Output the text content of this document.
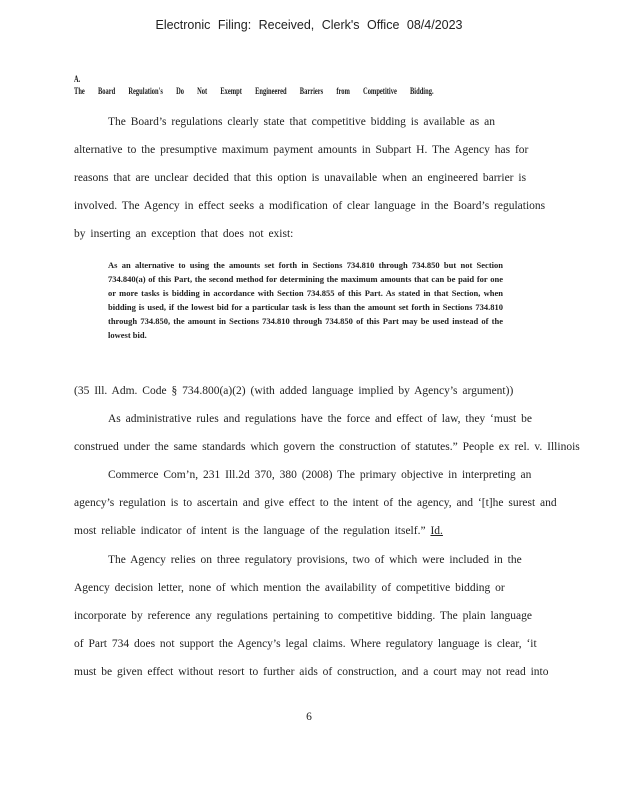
Electronic Filing: Received, Clerk's Office 08/4/2023
A.The Board Regulation's Do Not Exempt Engineered Barriers from Competitive Bidding.
The Board’s regulations clearly state that competitive bidding is available as an
alternative to the presumptive maximum payment amounts in Subpart H. The Agency has for
reasons that are unclear decided that this option is unavailable when an engineered barrier is
involved. The Agency in effect seeks a modification of clear language in the Board’s regulations
by inserting an exception that does not exist:
As an alternative to using the amounts set forth in Sections 734.810 through 734.850 but not Section 734.840(a) of this Part, the second method for determining the maximum amounts that can be paid for one or more tasks is bidding in accordance with Section 734.855 of this Part. As stated in that Section, when bidding is used, if the lowest bid for a particular task is less than the amount set forth in Sections 734.810 through 734.850, the amount in Sections 734.810 through 734.850 of this Part may be used instead of the lowest bid.
(35 Ill. Adm. Code § 734.800(a)(2) (with added language implied by Agency’s argument))
As administrative rules and regulations have the force and effect of law, they ‘must be
construed under the same standards which govern the construction of statutes.” People ex rel. v. Illinois
Commerce Com’n, 231 Ill.2d 370, 380 (2008) The primary objective in interpreting an
agency’s regulation is to ascertain and give effect to the intent of the agency, and ‘[t]he surest and
most reliable indicator of intent is the language of the regulation itself.” Id.
The Agency relies on three regulatory provisions, two of which were included in the
Agency decision letter, none of which mention the availability of competitive bidding or
incorporate by reference any regulations pertaining to competitive bidding. The plain language
of Part 734 does not support the Agency’s legal claims. Where regulatory language is clear, ‘it
must be given effect without resort to further aids of construction, and a court may not read into
6
